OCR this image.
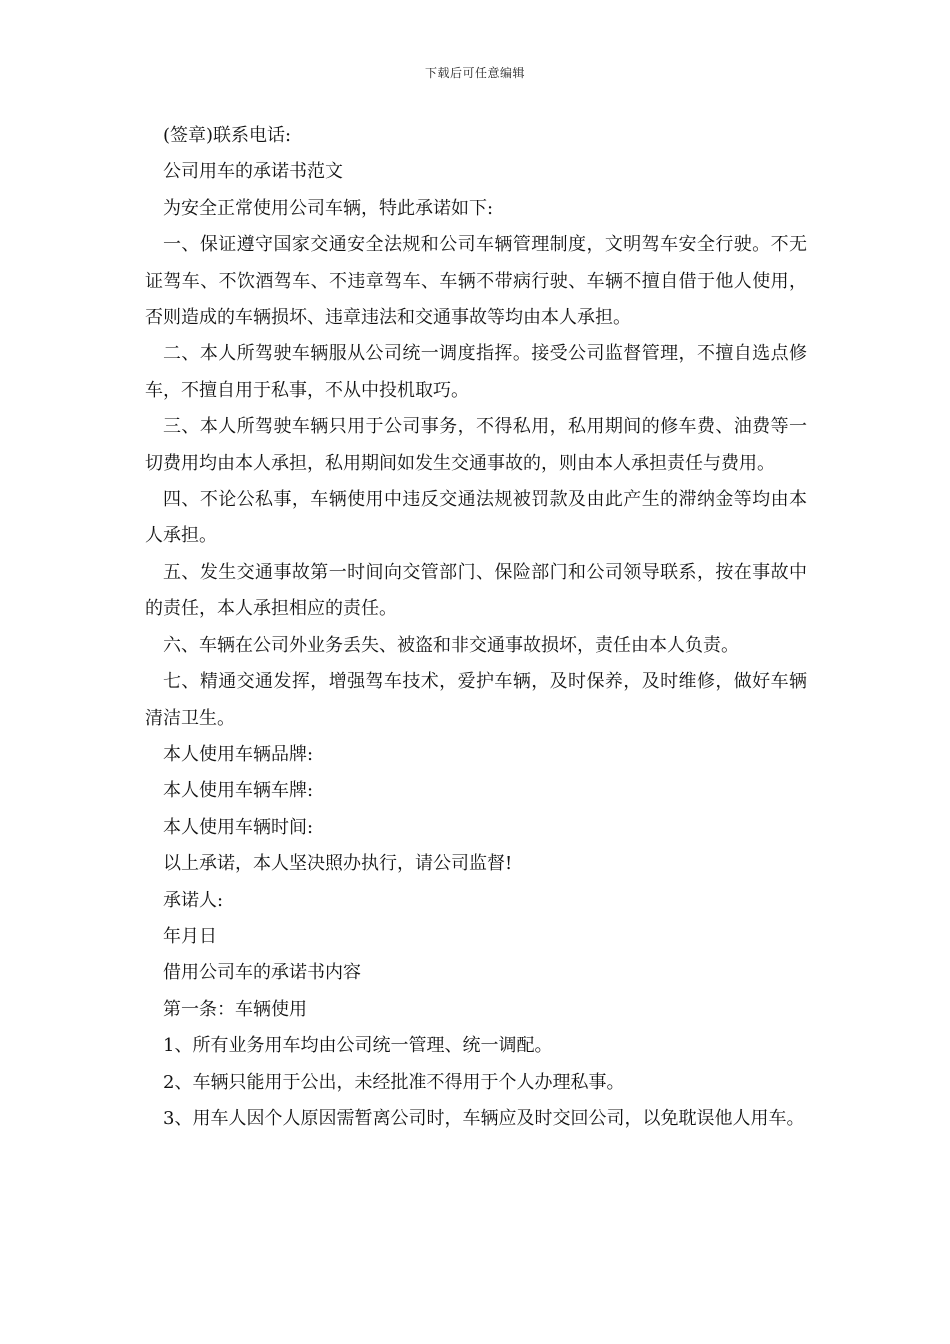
下载后可任意编辑

(签章)联系电话:

公司用车的承诺书范文

为安全正常使用公司车辆，特此承诺如下:

一、保证遵守国家交通安全法规和公司车辆管理制度，文明驾车安全行驶。不无证驾车、不饮酒驾车、不违章驾车、车辆不带病行驶、车辆不擅自借于他人使用，否则造成的车辆损坏、违章违法和交通事故等均由本人承担。

二、本人所驾驶车辆服从公司统一调度指挥。接受公司监督管理，不擅自选点修车，不擅自用于私事，不从中投机取巧。

三、本人所驾驶车辆只用于公司事务，不得私用，私用期间的修车费、油费等一切费用均由本人承担，私用期间如发生交通事故的，则由本人承担责任与费用。

四、不论公私事，车辆使用中违反交通法规被罚款及由此产生的滞纳金等均由本人承担。

五、发生交通事故第一时间向交管部门、保险部门和公司领导联系，按在事故中的责任，本人承担相应的责任。

六、车辆在公司外业务丢失、被盗和非交通事故损坏，责任由本人负责。

七、精通交通发挥，增强驾车技术，爱护车辆，及时保养，及时维修，做好车辆清洁卫生。

本人使用车辆品牌:

本人使用车辆车牌:

本人使用车辆时间:

以上承诺，本人坚决照办执行，请公司监督!

承诺人:

年月日

借用公司车的承诺书内容

第一条：车辆使用

1、所有业务用车均由公司统一管理、统一调配。

2、车辆只能用于公出，未经批准不得用于个人办理私事。

3、用车人因个人原因需暂离公司时，车辆应及时交回公司，以免耽误他人用车。
